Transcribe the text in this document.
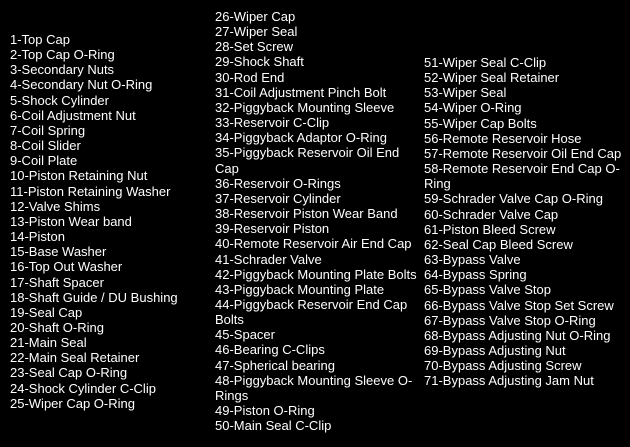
1-Top Cap
2-Top Cap O-Ring
3-Secondary Nuts
4-Secondary Nut O-Ring
5-Shock Cylinder
6-Coil Adjustment Nut
7-Coil Spring
8-Coil Slider
9-Coil Plate
10-Piston Retaining Nut
11-Piston Retaining Washer
12-Valve Shims
13-Piston Wear band
14-Piston
15-Base Washer
16-Top Out Washer
17-Shaft Spacer
18-Shaft Guide / DU Bushing
19-Seal Cap
20-Shaft O-Ring
21-Main Seal
22-Main Seal Retainer
23-Seal Cap O-Ring
24-Shock Cylinder C-Clip
25-Wiper Cap O-Ring
26-Wiper Cap
27-Wiper Seal
28-Set Screw
29-Shock Shaft
30-Rod End
31-Coil Adjustment Pinch Bolt
32-Piggyback Mounting Sleeve
33-Reservoir C-Clip
34-Piggyback Adaptor O-Ring
35-Piggyback Reservoir Oil End Cap
36-Reservoir O-Rings
37-Reservoir Cylinder
38-Reservoir Piston Wear Band
39-Reservoir Piston
40-Remote Reservoir Air End Cap
41-Schrader Valve
42-Piggyback Mounting Plate Bolts
43-Piggyback Mounting Plate
44-Piggyback Reservoir End Cap Bolts
45-Spacer
46-Bearing C-Clips
47-Spherical bearing
48-Piggyback Mounting Sleeve O-Rings
49-Piston O-Ring
50-Main Seal C-Clip
51-Wiper Seal C-Clip
52-Wiper Seal Retainer
53-Wiper Seal
54-Wiper O-Ring
55-Wiper Cap Bolts
56-Remote Reservoir Hose
57-Remote Reservoir Oil End Cap
58-Remote Reservoir End Cap O-Ring
59-Schrader Valve Cap O-Ring
60-Schrader Valve Cap
61-Piston Bleed Screw
62-Seal Cap Bleed Screw
63-Bypass Valve
64-Bypass Spring
65-Bypass Valve Stop
66-Bypass Valve Stop Set Screw
67-Bypass Valve Stop O-Ring
68-Bypass Adjusting Nut O-Ring
69-Bypass Adjusting Nut
70-Bypass Adjusting Screw
71-Bypass Adjusting Jam Nut
